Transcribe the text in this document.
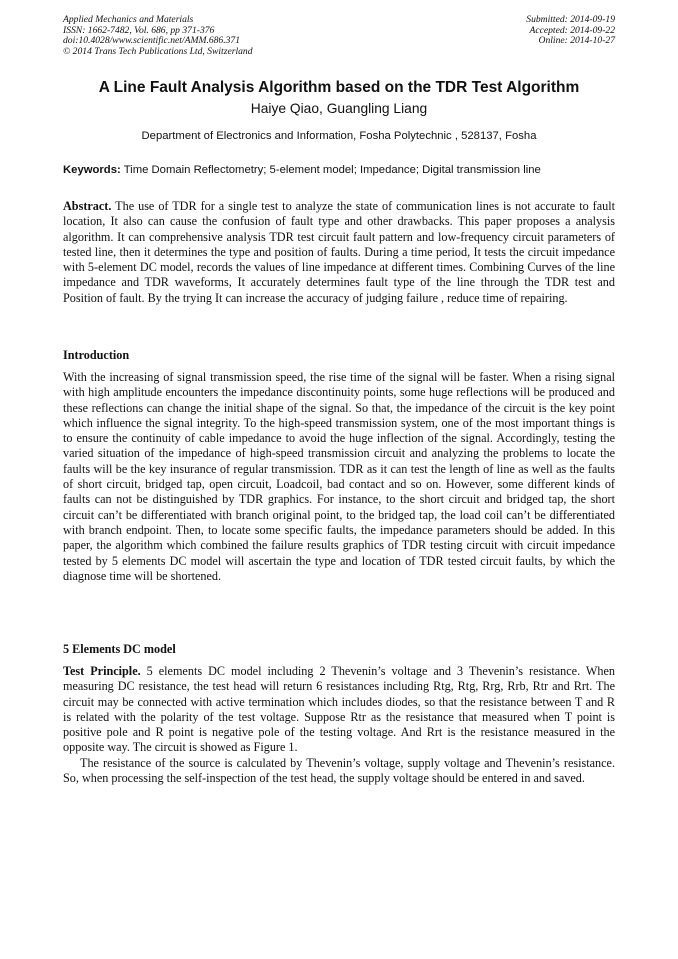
Applied Mechanics and Materials
ISSN: 1662-7482, Vol. 686, pp 371-376
doi:10.4028/www.scientific.net/AMM.686.371
© 2014 Trans Tech Publications Ltd, Switzerland
Submitted: 2014-09-19
Accepted: 2014-09-22
Online: 2014-10-27
A Line Fault Analysis Algorithm based on the TDR Test Algorithm
Haiye Qiao, Guangling Liang
Department of Electronics and Information, Fosha Polytechnic , 528137, Fosha
Keywords: Time Domain Reflectometry; 5-element model; Impedance; Digital transmission line

Abstract. The use of TDR for a single test to analyze the state of communication lines is not accurate to fault location, It also can cause the confusion of fault type and other drawbacks. This paper proposes a analysis algorithm. It can comprehensive analysis TDR test circuit fault pattern and low-frequency circuit parameters of tested line, then it determines the type and position of faults. During a time period, It tests the circuit impedance with 5-element DC model, records the values of line impedance at different times. Combining Curves of the line impedance and TDR waveforms, It accurately determines fault type of the line through the TDR test and Position of fault. By the trying It can increase the accuracy of judging failure , reduce time of repairing.

Introduction

With the increasing of signal transmission speed, the rise time of the signal will be faster. When a rising signal with high amplitude encounters the impedance discontinuity points, some huge reflections will be produced and these reflections can change the initial shape of the signal. So that, the impedance of the circuit is the key point which influence the signal integrity. To the high-speed transmission system, one of the most important things is to ensure the continuity of cable impedance to avoid the huge inflection of the signal. Accordingly, testing the varied situation of the impedance of high-speed transmission circuit and analyzing the problems to locate the faults will be the key insurance of regular transmission. TDR as it can test the length of line as well as the faults of short circuit, bridged tap, open circuit, Loadcoil, bad contact and so on. However, some different kinds of faults can not be distinguished by TDR graphics. For instance, to the short circuit and bridged tap, the short circuit can’t be differentiated with branch original point, to the bridged tap, the load coil can’t be differentiated with branch endpoint. Then, to locate some specific faults, the impedance parameters should be added. In this paper, the algorithm which combined the failure results graphics of TDR testing circuit with circuit impedance tested by 5 elements DC model will ascertain the type and location of TDR tested circuit faults, by which the diagnose time will be shortened.

5 Elements DC model

Test Principle. 5 elements DC model including 2 Thevenin’s voltage and 3 Thevenin’s resistance. When measuring DC resistance, the test head will return 6 resistances including Rtg, Rtg, Rrg, Rrb, Rtr and Rrt. The circuit may be connected with active termination which includes diodes, so that the resistance between T and R is related with the polarity of the test voltage. Suppose Rtr as the resistance that measured when T point is positive pole and R point is negative pole of the testing voltage. And Rrt is the resistance measured in the opposite way. The circuit is showed as Figure 1.

The resistance of the source is calculated by Thevenin’s voltage, supply voltage and Thevenin’s resistance. So, when processing the self-inspection of the test head, the supply voltage should be entered in and saved.
